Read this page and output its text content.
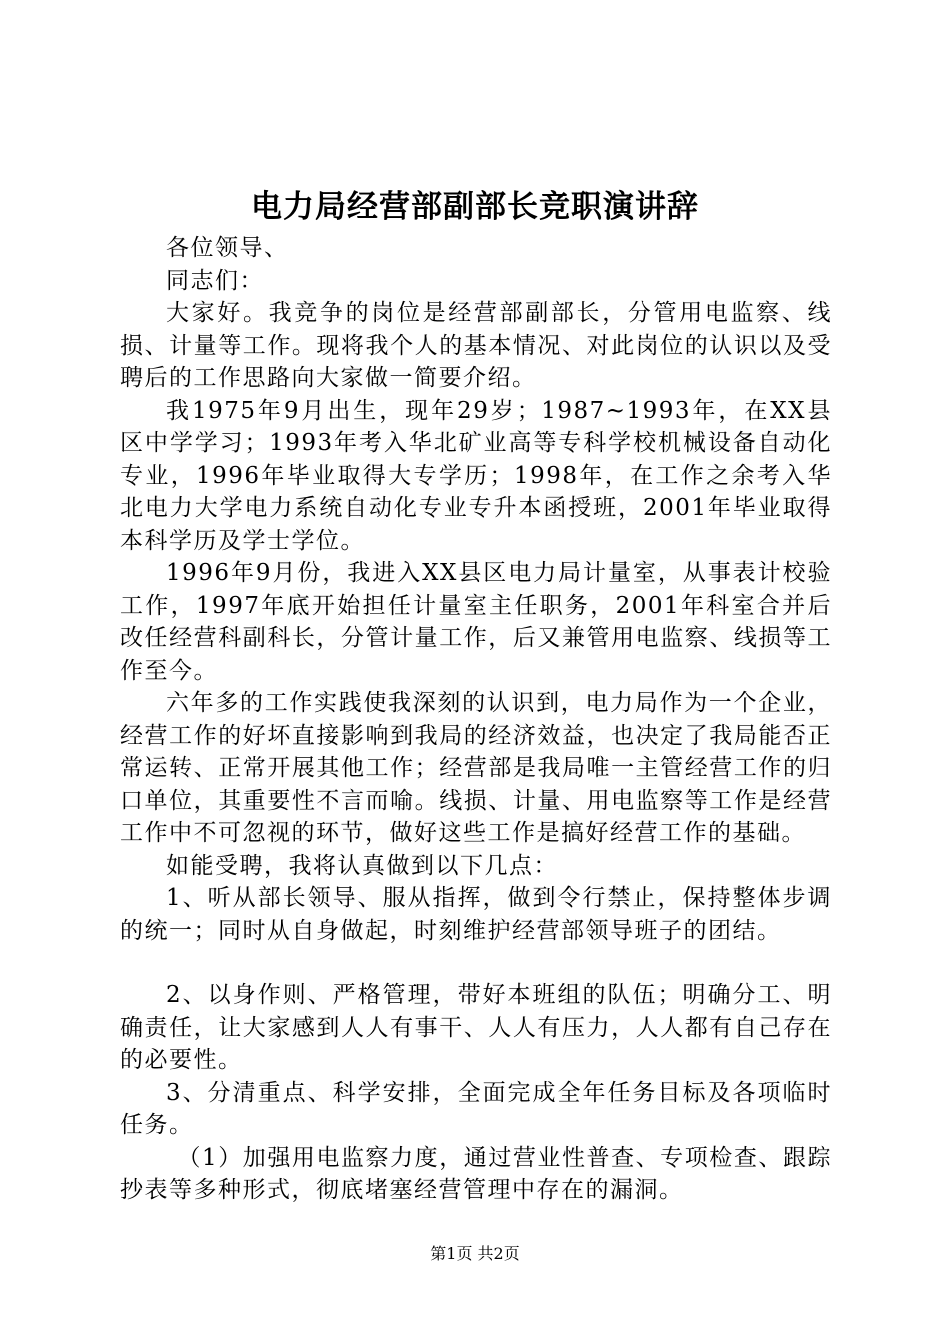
电力局经营部副部长竞职演讲辞

各位领导、

同志们：

大家好。我竞争的岗位是经营部副部长，分管用电监察、线损、计量等工作。现将我个人的基本情况、对此岗位的认识以及受聘后的工作思路向大家做一简要介绍。

我1975年9月出生，现年29岁；1987~1993年，在XX县区中学学习；1993年考入华北矿业高等专科学校机械设备自动化专业，1996年毕业取得大专学历；1998年，在工作之余考入华北电力大学电力系统自动化专业专升本函授班，2001年毕业取得本科学历及学士学位。

1996年9月份，我进入XX县区电力局计量室，从事表计校验工作，1997年底开始担任计量室主任职务，2001年科室合并后改任经营科副科长，分管计量工作，后又兼管用电监察、线损等工作至今。

六年多的工作实践使我深刻的认识到，电力局作为一个企业，经营工作的好坏直接影响到我局的经济效益，也决定了我局能否正常运转、正常开展其他工作；经营部是我局唯一主管经营工作的归口单位，其重要性不言而喻。线损、计量、用电监察等工作是经营工作中不可忽视的环节，做好这些工作是搞好经营工作的基础。

如能受聘，我将认真做到以下几点：

1、听从部长领导、服从指挥，做到令行禁止，保持整体步调的统一；同时从自身做起，时刻维护经营部领导班子的团结。

2、以身作则、严格管理，带好本班组的队伍；明确分工、明确责任，让大家感到人人有事干、人人有压力，人人都有自己存在的必要性。

3、分清重点、科学安排，全面完成全年任务目标及各项临时任务。

（1）加强用电监察力度，通过营业性普查、专项检查、跟踪抄表等多种形式，彻底堵塞经营管理中存在的漏洞。

第1页 共2页
